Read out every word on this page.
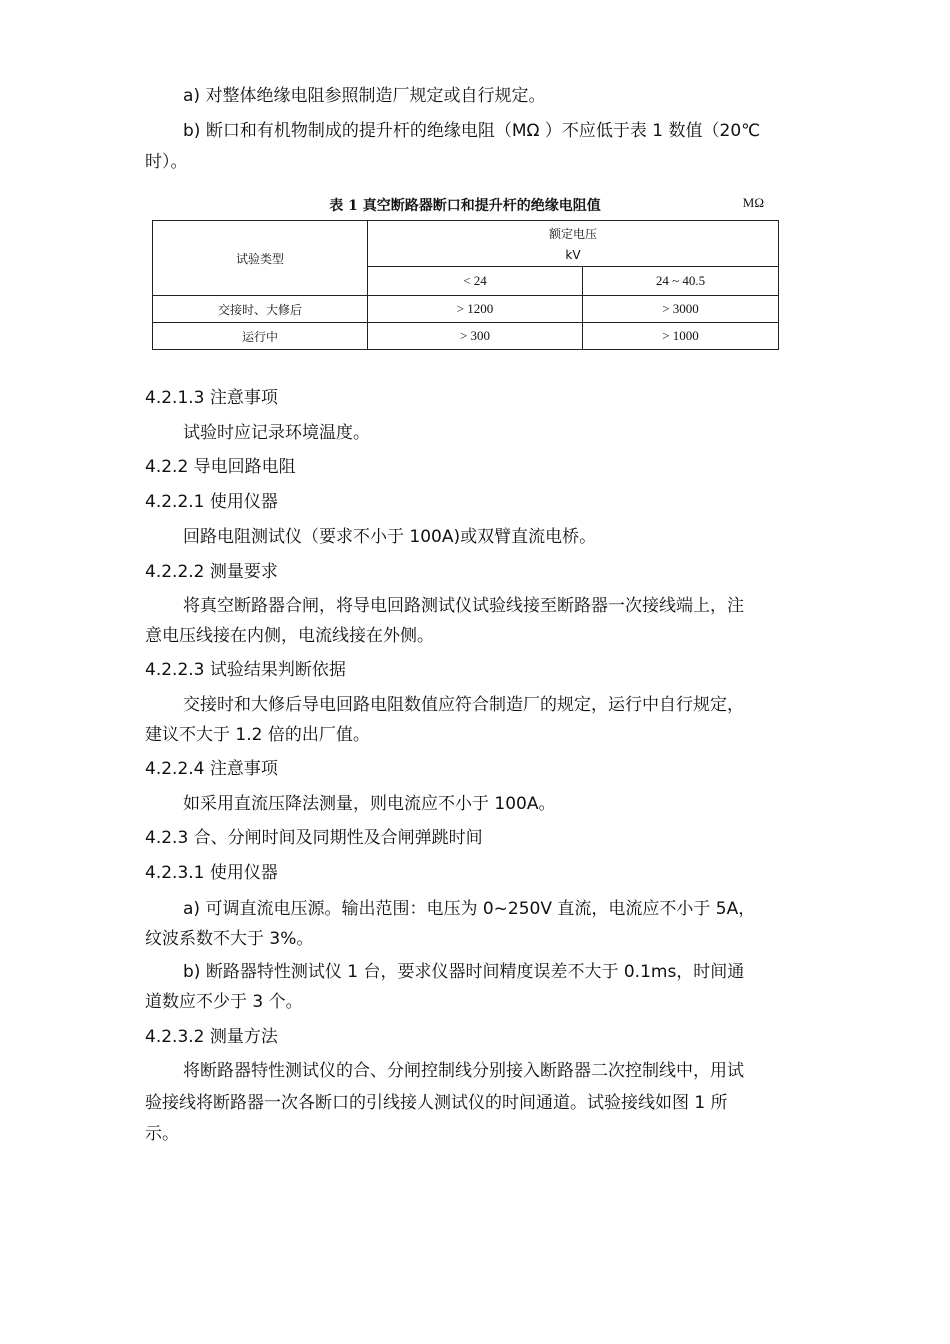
a) 对整体绝缘电阻参照制造厂规定或自行规定。
b) 断口和有机物制成的提升杆的绝缘电阻（MΩ ）不应低于表 1 数值（20℃
时）。
表 1 真空断路器断口和提升杆的绝缘电阻值	MΩ
试验类型	额定电压
kV	

	< 24	24 ~ 40.5
交接时、大修后	> 1200	> 3000
运行中	> 300	> 1000
4.2.1.3 注意事项
试验时应记录环境温度。
4.2.2 导电回路电阻
4.2.2.1 使用仪器
回路电阻测试仪（要求不小于 100A)或双臂直流电桥。
4.2.2.2 测量要求
将真空断路器合闸，将导电回路测试仪试验线接至断路器一次接线端上，注
意电压线接在内侧，电流线接在外侧。
4.2.2.3 试验结果判断依据
交接时和大修后导电回路电阻数值应符合制造厂的规定，运行中自行规定，
建议不大于 1.2 倍的出厂值。
4.2.2.4 注意事项
如采用直流压降法测量，则电流应不小于 100A。
4.2.3 合、分闸时间及同期性及合闸弹跳时间
4.2.3.1 使用仪器
a) 可调直流电压源。输出范围：电压为 0~250V 直流，电流应不小于 5A，
纹波系数不大于 3%。
b) 断路器特性测试仪 1 台，要求仪器时间精度误差不大于 0.1ms，时间通
道数应不少于 3 个。
4.2.3.2 测量方法
将断路器特性测试仪的合、分闸控制线分别接入断路器二次控制线中，用试
验接线将断路器一次各断口的引线接人测试仪的时间通道。试验接线如图 1 所
示。
